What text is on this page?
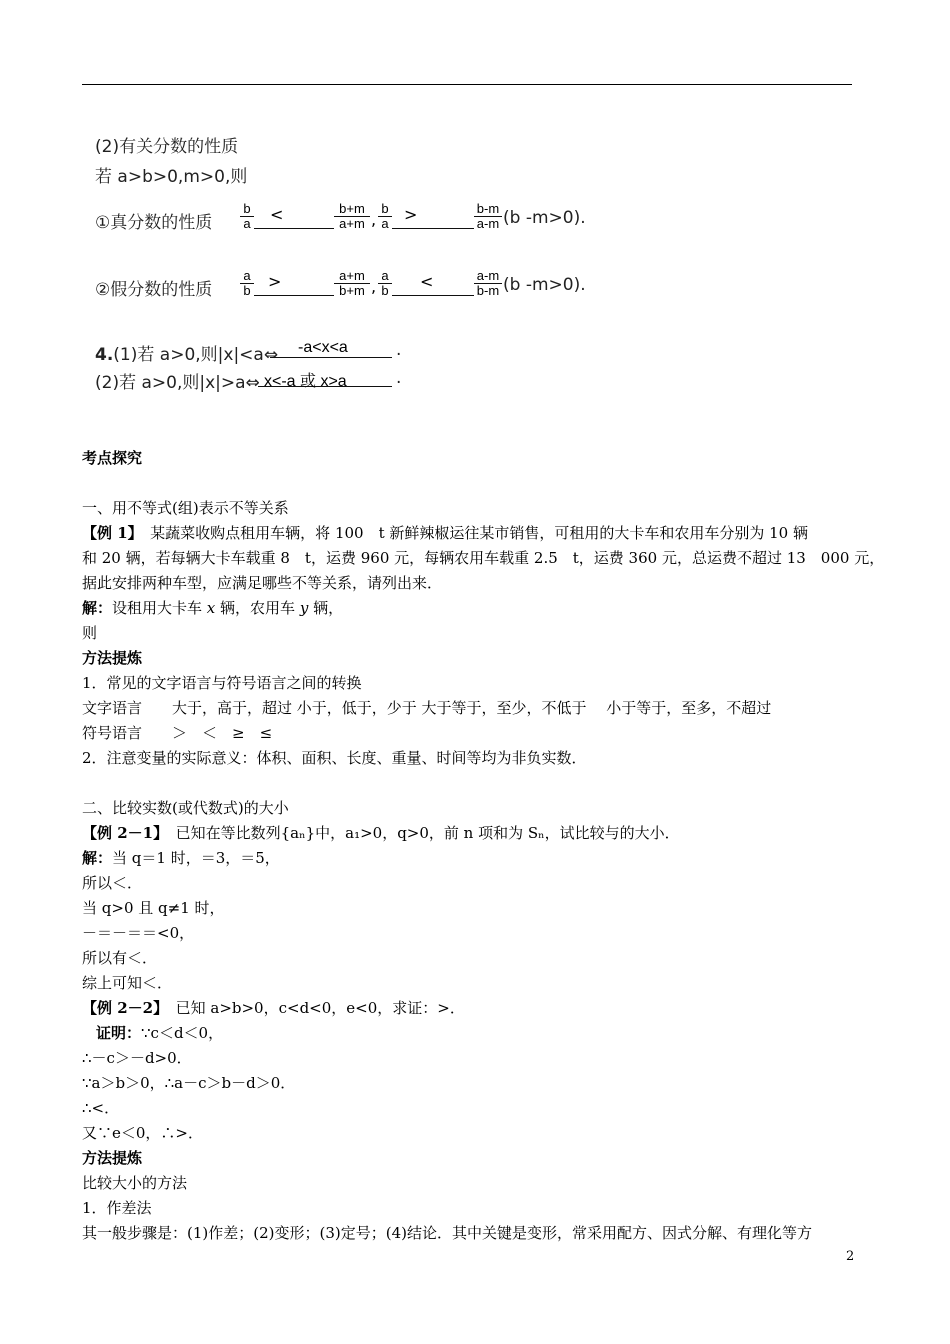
(2)有关分数的性质
若 a>b>0,m>0,则
①真分数的性质
b
a <	b+m
a+m ,
b
a >	b-m
a-m (b -m>0).
②假分数的性质
a
b >	a+m
b+m ,
a
b <	a-m
b-m (b -m>0).
4.(1)若 a>0,则|x|<a⇔ -a<x<a	.
(2)若 a>0,则|x|>a⇔ x<-a 或 x>a	.
考点探究
一、用不等式(组)表示不等关系
【例 1】　某蔬菜收购点租用车辆，将 100　t 新鲜辣椒运往某市销售，可租用的大卡车和农用车分别为 10 辆
和 20 辆，若每辆大卡车载重 8　t，运费 960 元，每辆农用车载重 2.5　t，运费 360 元，总运费不超过 13　000 元，
据此安排两种车型，应满足哪些不等关系，请列出来．
解：设租用大卡车 x 辆，农用车 y 辆，
则
方法提炼
1．常见的文字语言与符号语言之间的转换
文字语言　　大于，高于，超过 小于，低于，少于 大于等于，至少，不低于　 小于等于，至多，不超过
符号语言　　＞　＜　≥　≤
2．注意变量的实际意义：体积、面积、长度、重量、时间等均为非负实数．
二、比较实数(或代数式)的大小
【例 2－1】　已知在等比数列{aₙ}中，a₁>0，q>0，前 n 项和为 Sₙ，试比较与的大小．
解：当 q＝1 时，＝3，＝5，
所以＜．
当 q>0 且 q≠1 时，
－＝－＝＝<0，
所以有＜．
综上可知＜．
【例 2－2】　已知 a>b>0，c<d<0，e<0，求证：>．
证明：∵c＜d＜0，
∴－c＞－d>0．
∵a＞b＞0，∴a－c＞b－d＞0．
∴<．
又∵e＜0，∴>．
方法提炼
比较大小的方法
1．作差法
其一般步骤是：(1)作差；(2)变形；(3)定号；(4)结论．其中关键是变形，常采用配方、因式分解、有理化等方
2
